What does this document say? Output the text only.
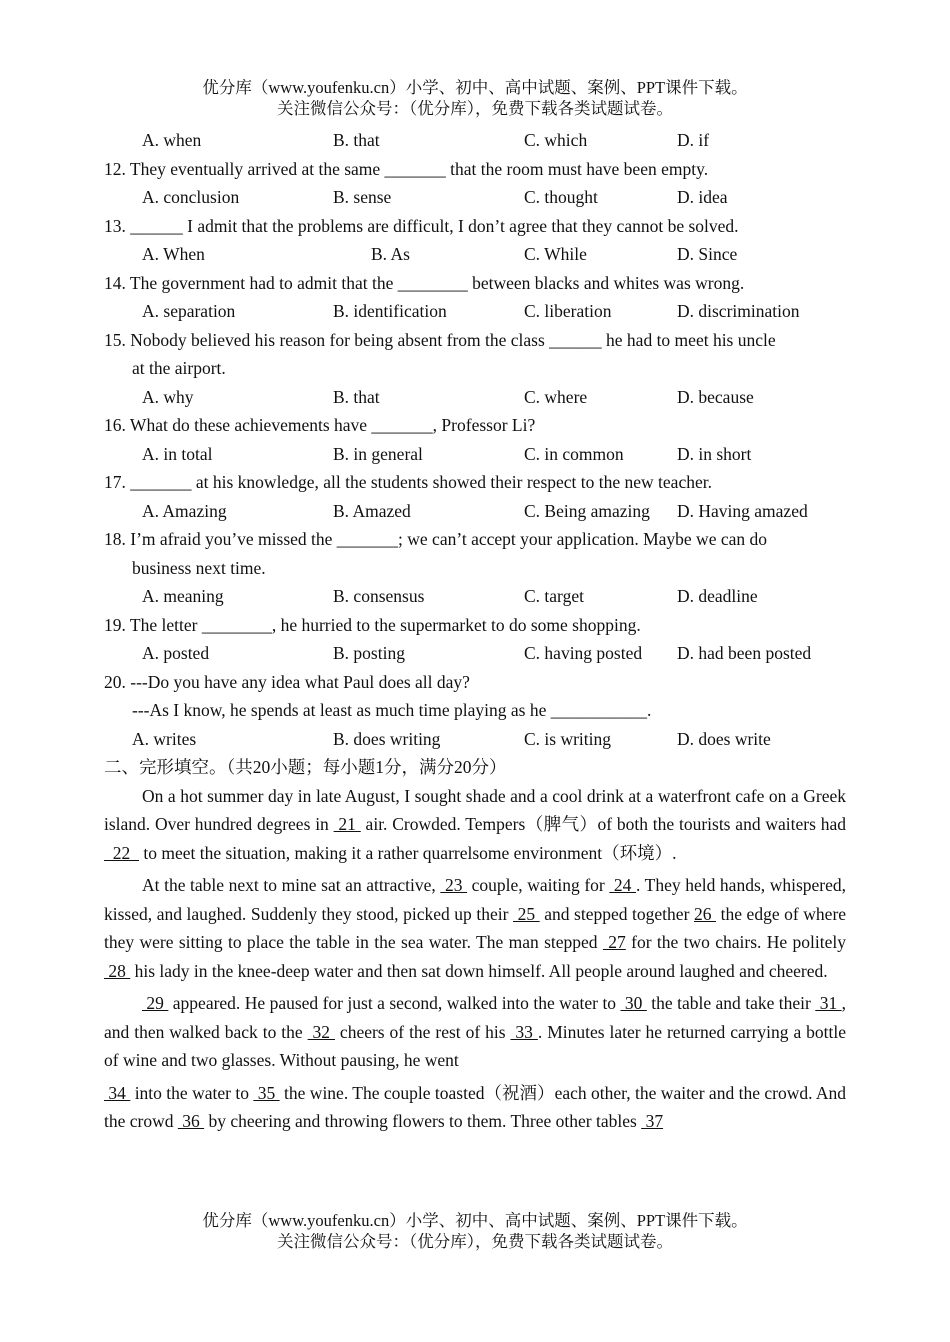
优分库（www.youfenku.cn）小学、初中、高中试题、案例、PPT课件下载。
关注微信公众号：（优分库），免费下载各类试题试卷。
A. when	B. that	C. which	D. if
12. They eventually arrived at the same _______ that the room must have been empty.
A. conclusion	B. sense	C. thought	D. idea
13. ______ I admit that the problems are difficult, I don’t agree that they cannot be solved.
A. When	B. As	C. While	D. Since
14. The government had to admit that the ________ between blacks and whites was wrong.
A. separation	B. identification	C. liberation	D. discrimination
15. Nobody believed his reason for being absent from the class ______ he had to meet his uncle
at the airport.
A. why	B. that	C. where	D. because
16. What do these achievements have _______, Professor Li?
A. in total	B. in general	C. in common	D. in short
17. _______ at his knowledge, all the students showed their respect to the new teacher.
A. Amazing	B. Amazed	C. Being amazing D. Having amazed
18. I’m afraid you’ve missed the _______; we can’t accept your application. Maybe we can do
business next time.
A. meaning	B. consensus	C. target	D. deadline
19. The letter ________, he hurried to the supermarket to do some shopping.
A. posted	B. posting	C. having posted D. had been posted
20. ---Do you have any idea what Paul does all day?
---As I know, he spends at least as much time playing as he ___________.
A. writes	B. does writing	C. is writing	D. does write
二、完形填空。（共20小题；每小题1分，满分20分）

On a hot summer day in late August, I sought shade and a cool drink at a waterfront cafe on a Greek island. Over hundred degrees in  21  air. Crowded. Tempers（脾气）of both the tourists and waiters had   22   to meet the situation, making it a rather quarrelsome environment（环境）.

At the table next to mine sat an attractive,  23  couple, waiting for  24 . They held hands, whispered, kissed, and laughed. Suddenly they stood, picked up their  25  and stepped together 26  the edge of where they were sitting to place the table in the sea water. The man stepped  27 for the two chairs. He politely  28  his lady in the knee-deep water and then sat down himself. All people around laughed and cheered.

29  appeared. He paused for just a second, walked into the water to  30  the table and take their  31 , and then walked back to the  32  cheers of the rest of his  33 . Minutes later he returned carrying a bottle of wine and two glasses. Without pausing, he went

34  into the water to  35  the wine. The couple toasted（祝酒）each other, the waiter and the crowd. And the crowd  36  by cheering and throwing flowers to them. Three other tables  37

优分库（www.youfenku.cn）小学、初中、高中试题、案例、PPT课件下载。
关注微信公众号：（优分库），免费下载各类试题试卷。
